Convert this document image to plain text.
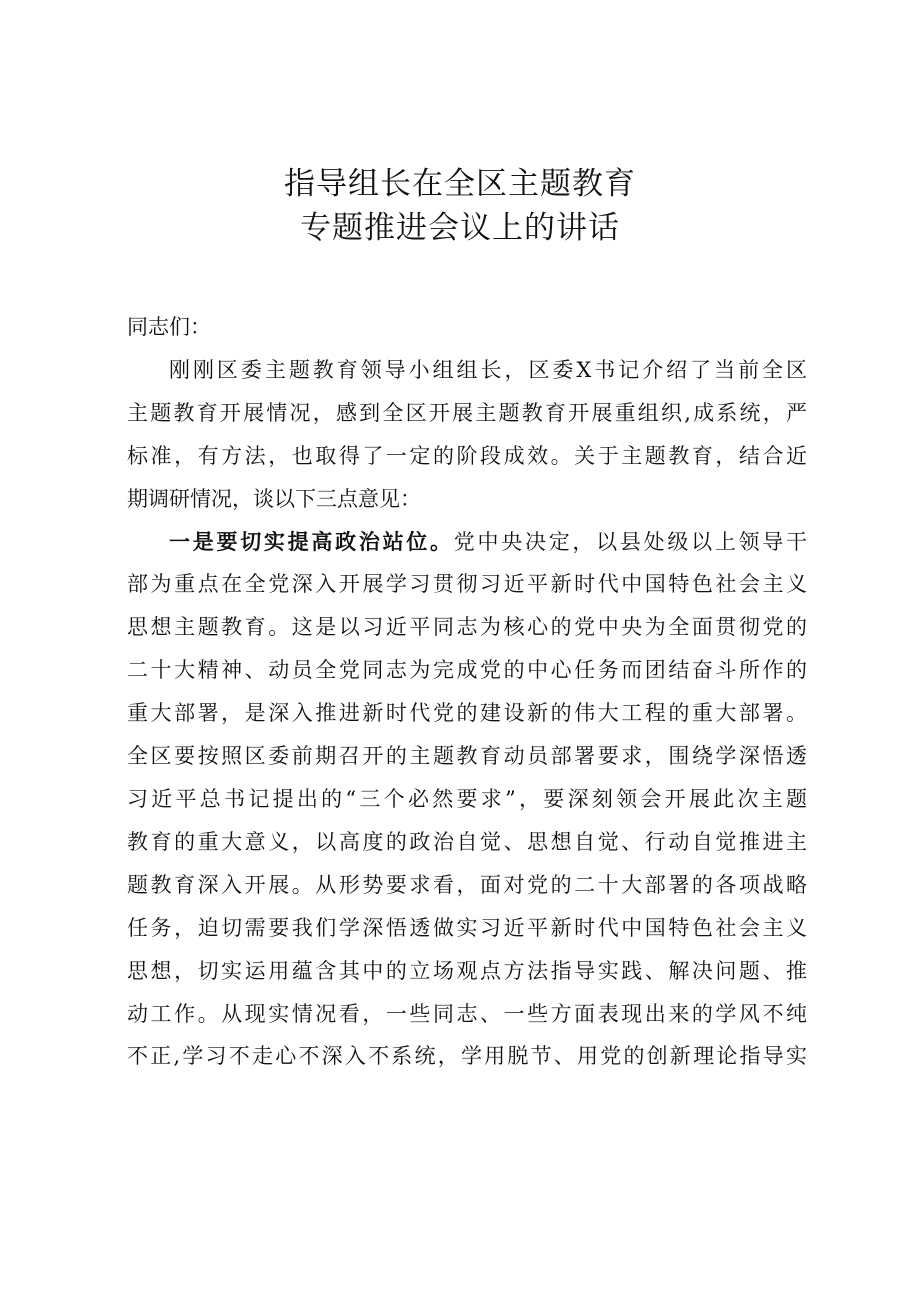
指导组长在全区主题教育

专题推进会议上的讲话

同志们：

刚刚区委主题教育领导小组组长，区委X书记介绍了当前全区
主题教育开展情况，感到全区开展主题教育开展重组织,成系统，严
标准，有方法，也取得了一定的阶段成效。关于主题教育，结合近
期调研情况，谈以下三点意见：
一是要切实提高政治站位。党中央决定，以县处级以上领导干
部为重点在全党深入开展学习贯彻习近平新时代中国特色社会主义
思想主题教育。这是以习近平同志为核心的党中央为全面贯彻党的
二十大精神、动员全党同志为完成党的中心任务而团结奋斗所作的
重大部署，是深入推进新时代党的建设新的伟大工程的重大部署。
全区要按照区委前期召开的主题教育动员部署要求，围绕学深悟透
习近平总书记提出的“三个必然要求”，要深刻领会开展此次主题
教育的重大意义，以高度的政治自觉、思想自觉、行动自觉推进主
题教育深入开展。从形势要求看，面对党的二十大部署的各项战略
任务，迫切需要我们学深悟透做实习近平新时代中国特色社会主义
思想，切实运用蕴含其中的立场观点方法指导实践、解决问题、推
动工作。从现实情况看，一些同志、一些方面表现出来的学风不纯
不正,学习不走心不深入不系统，学用脱节、用党的创新理论指导实
